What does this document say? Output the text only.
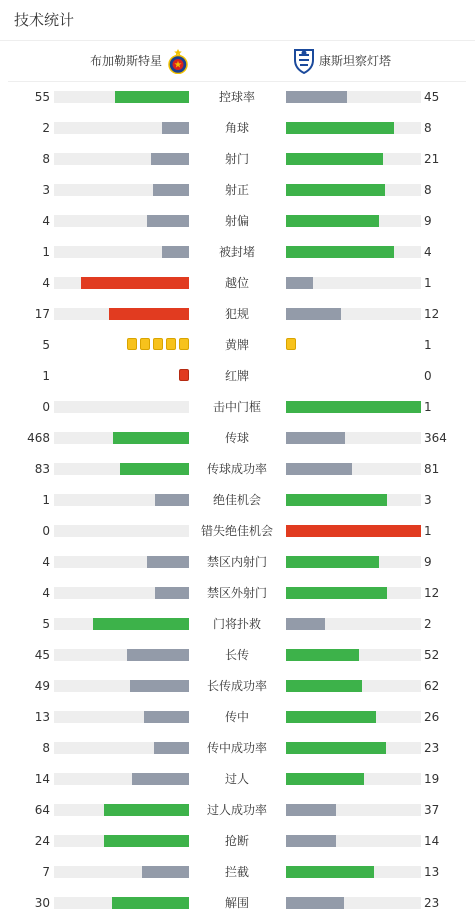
技术统计
布加勒斯特星	康斯坦察灯塔
55	控球率	45
2	角球	8
8	射门	21
3	射正	8
4	射偏	9
1	被封堵	4
4	越位	1
17	犯规	12
5	黄牌	1
1	红牌	0
0	击中门框	1
468	传球	364
83	传球成功率	81
1	绝佳机会	3
0	错失绝佳机会	1
4	禁区内射门	9
4	禁区外射门	12
5	门将扑救	2
45	长传	52
49	长传成功率	62
13	传中	26
8	传中成功率	23
14	过人	19
64	过人成功率	37
24	抢断	14
7	拦截	13
30	解围	23
